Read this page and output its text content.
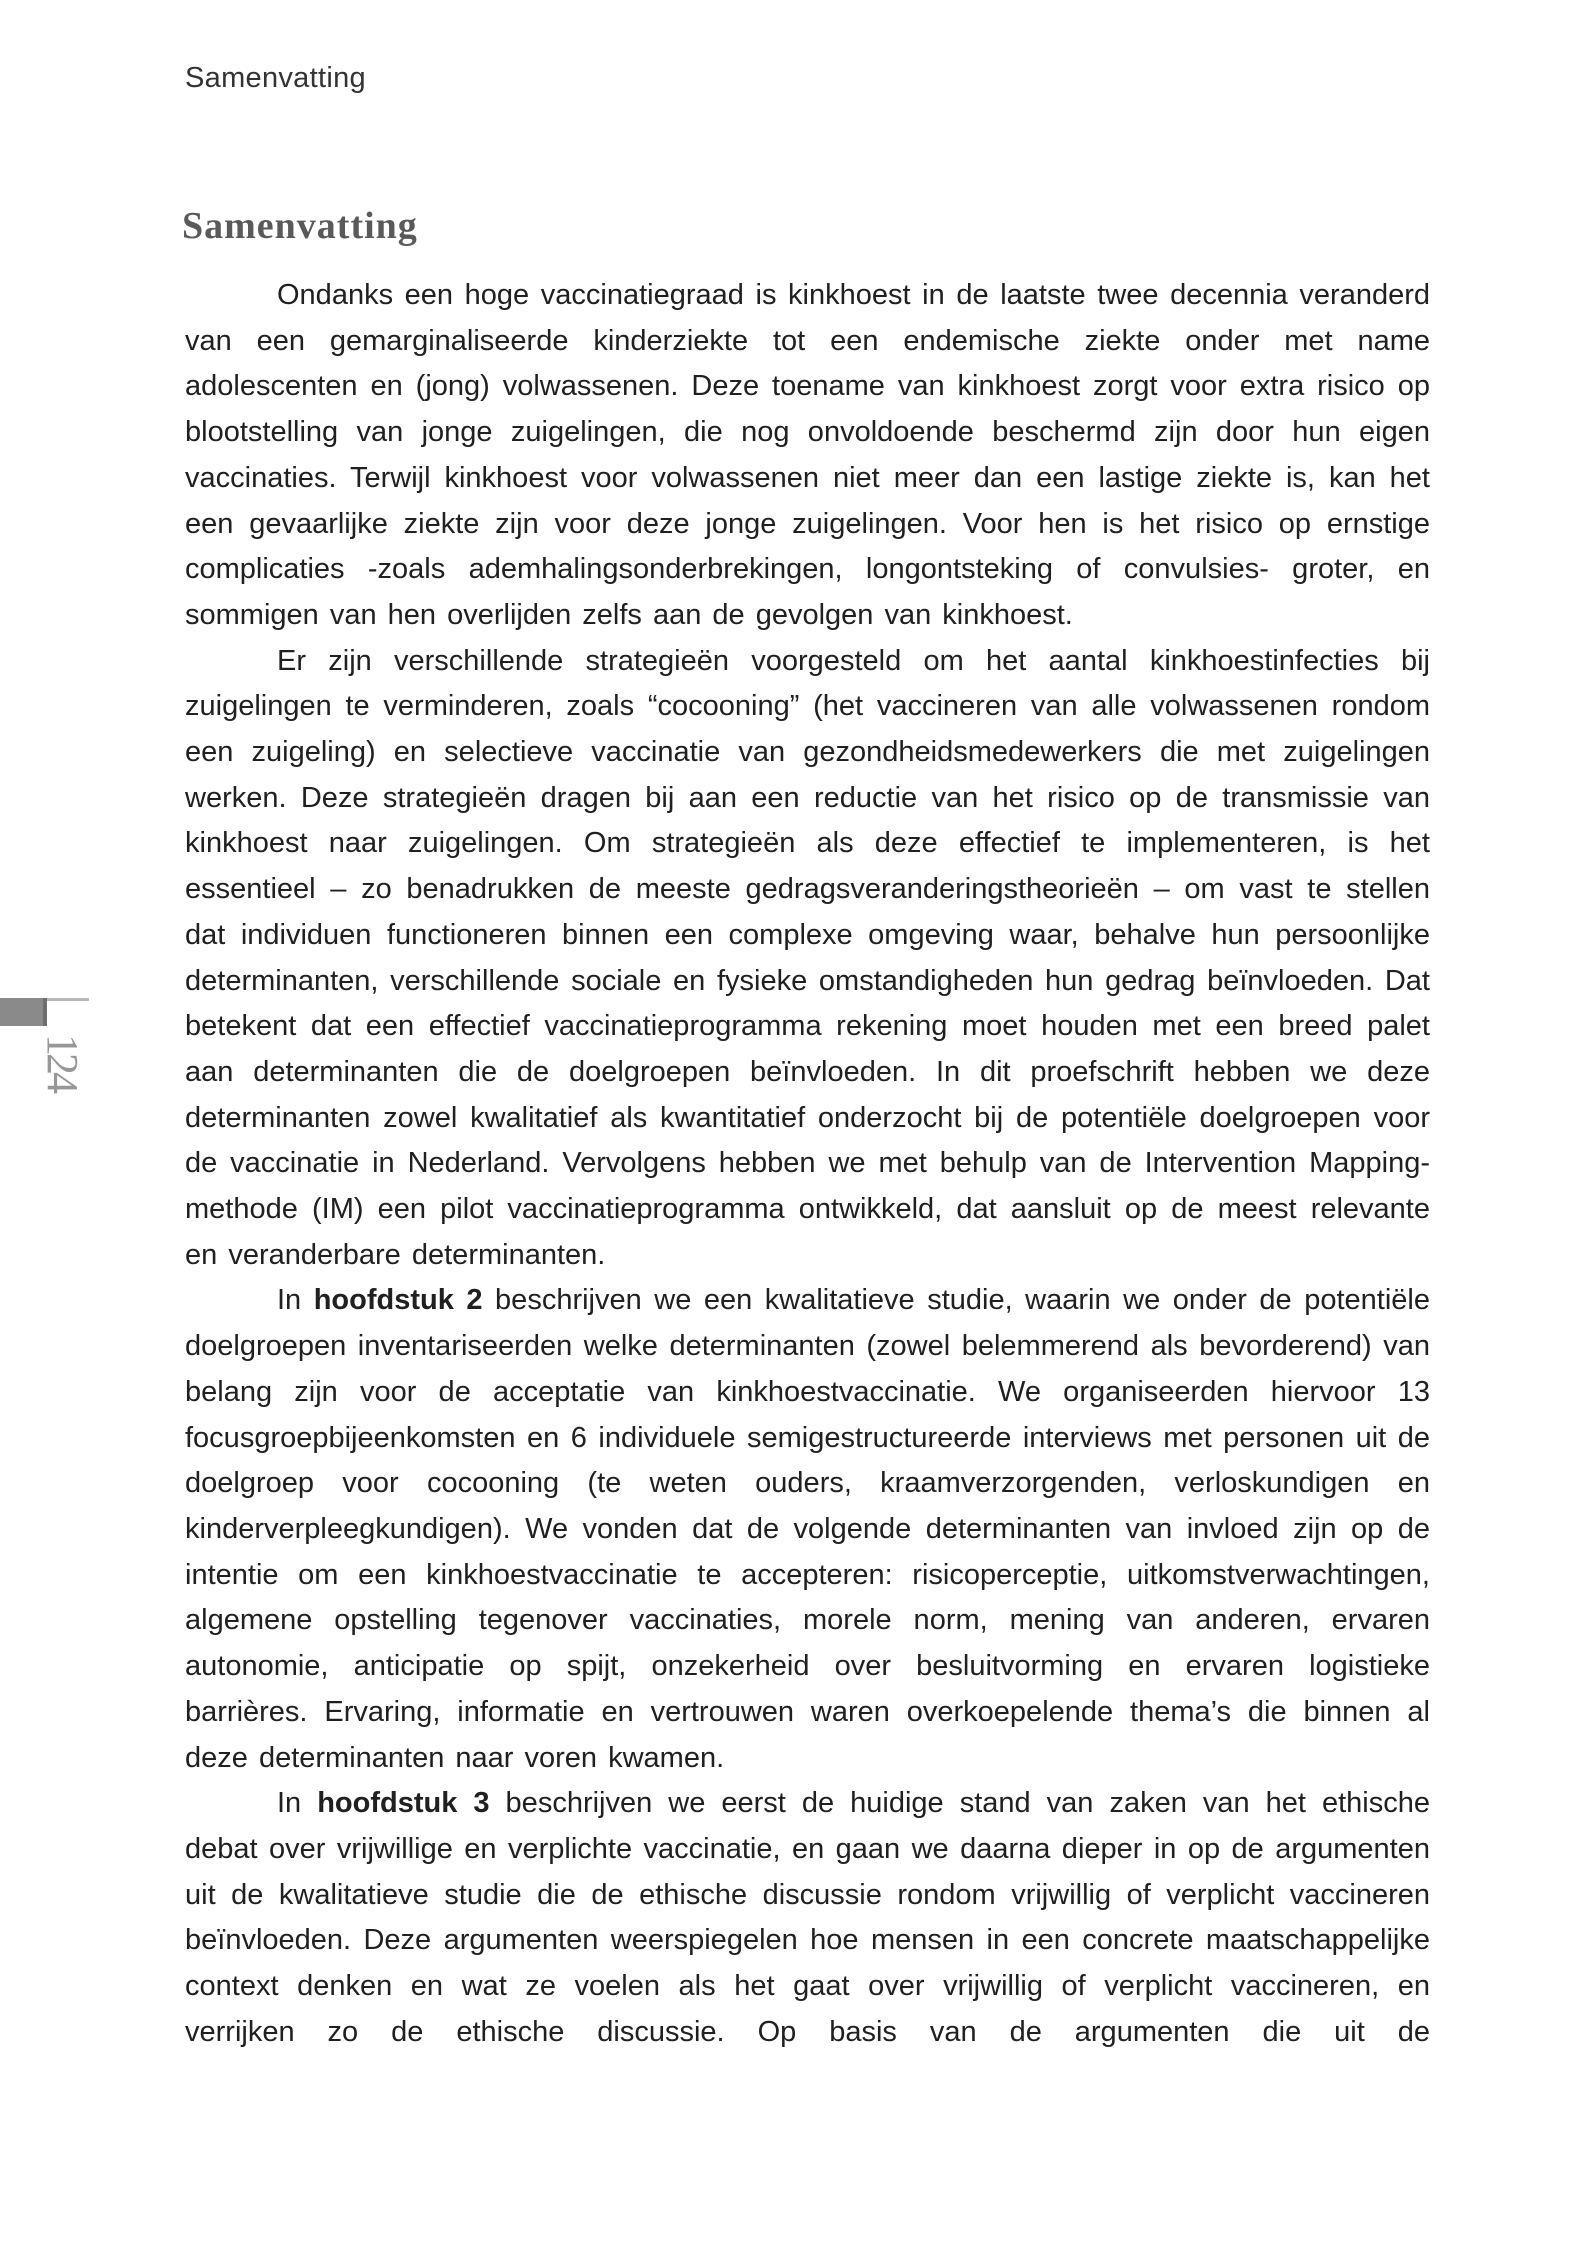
Samenvatting
Samenvatting

Ondanks een hoge vaccinatiegraad is kinkhoest in de laatste twee decennia veranderd van een gemarginaliseerde kinderziekte tot een endemische ziekte onder met name adolescenten en (jong) volwassenen. Deze toename van kinkhoest zorgt voor extra risico op blootstelling van jonge zuigelingen, die nog onvoldoende beschermd zijn door hun eigen vaccinaties. Terwijl kinkhoest voor volwassenen niet meer dan een lastige ziekte is, kan het een gevaarlijke ziekte zijn voor deze jonge zuigelingen. Voor hen is het risico op ernstige complicaties -zoals ademhalingsonderbrekingen, longontsteking of convulsies- groter, en sommigen van hen overlijden zelfs aan de gevolgen van kinkhoest.

Er zijn verschillende strategieën voorgesteld om het aantal kinkhoestinfecties bij zuigelingen te verminderen, zoals “cocooning” (het vaccineren van alle volwassenen rondom een zuigeling) en selectieve vaccinatie van gezondheidsmedewerkers die met zuigelingen werken. Deze strategieën dragen bij aan een reductie van het risico op de transmissie van kinkhoest naar zuigelingen. Om strategieën als deze effectief te implementeren, is het essentieel – zo benadrukken de meeste gedragsveranderingstheorieën – om vast te stellen dat individuen functioneren binnen een complexe omgeving waar, behalve hun persoonlijke determinanten, verschillende sociale en fysieke omstandigheden hun gedrag beïnvloeden. Dat betekent dat een effectief vaccinatieprogramma rekening moet houden met een breed palet aan determinanten die de doelgroepen beïnvloeden. In dit proefschrift hebben we deze determinanten zowel kwalitatief als kwantitatief onderzocht bij de potentiële doelgroepen voor de vaccinatie in Nederland. Vervolgens hebben we met behulp van de Intervention Mapping-methode (IM) een pilot vaccinatieprogramma ontwikkeld, dat aansluit op de meest relevante en veranderbare determinanten.

In hoofdstuk 2 beschrijven we een kwalitatieve studie, waarin we onder de potentiële doelgroepen inventariseerden welke determinanten (zowel belemmerend als bevorderend) van belang zijn voor de acceptatie van kinkhoestvaccinatie. We organiseerden hiervoor 13 focusgroepbijeenkomsten en 6 individuele semigestructureerde interviews met personen uit de doelgroep voor cocooning (te weten ouders, kraamverzorgenden, verloskundigen en kinderverpleegkundigen). We vonden dat de volgende determinanten van invloed zijn op de intentie om een kinkhoestvaccinatie te accepteren: risicoperceptie, uitkomstverwachtingen, algemene opstelling tegenover vaccinaties, morele norm, mening van anderen, ervaren autonomie, anticipatie op spijt, onzekerheid over besluitvorming en ervaren logistieke barrières. Ervaring, informatie en vertrouwen waren overkoepelende thema’s die binnen al deze determinanten naar voren kwamen.

In hoofdstuk 3 beschrijven we eerst de huidige stand van zaken van het ethische debat over vrijwillige en verplichte vaccinatie, en gaan we daarna dieper in op de argumenten uit de kwalitatieve studie die de ethische discussie rondom vrijwillig of verplicht vaccineren beïnvloeden. Deze argumenten weerspiegelen hoe mensen in een concrete maatschappelijke context denken en wat ze voelen als het gaat over vrijwillig of verplicht vaccineren, en verrijken zo de ethische discussie. Op basis van de argumenten die uit de

124
